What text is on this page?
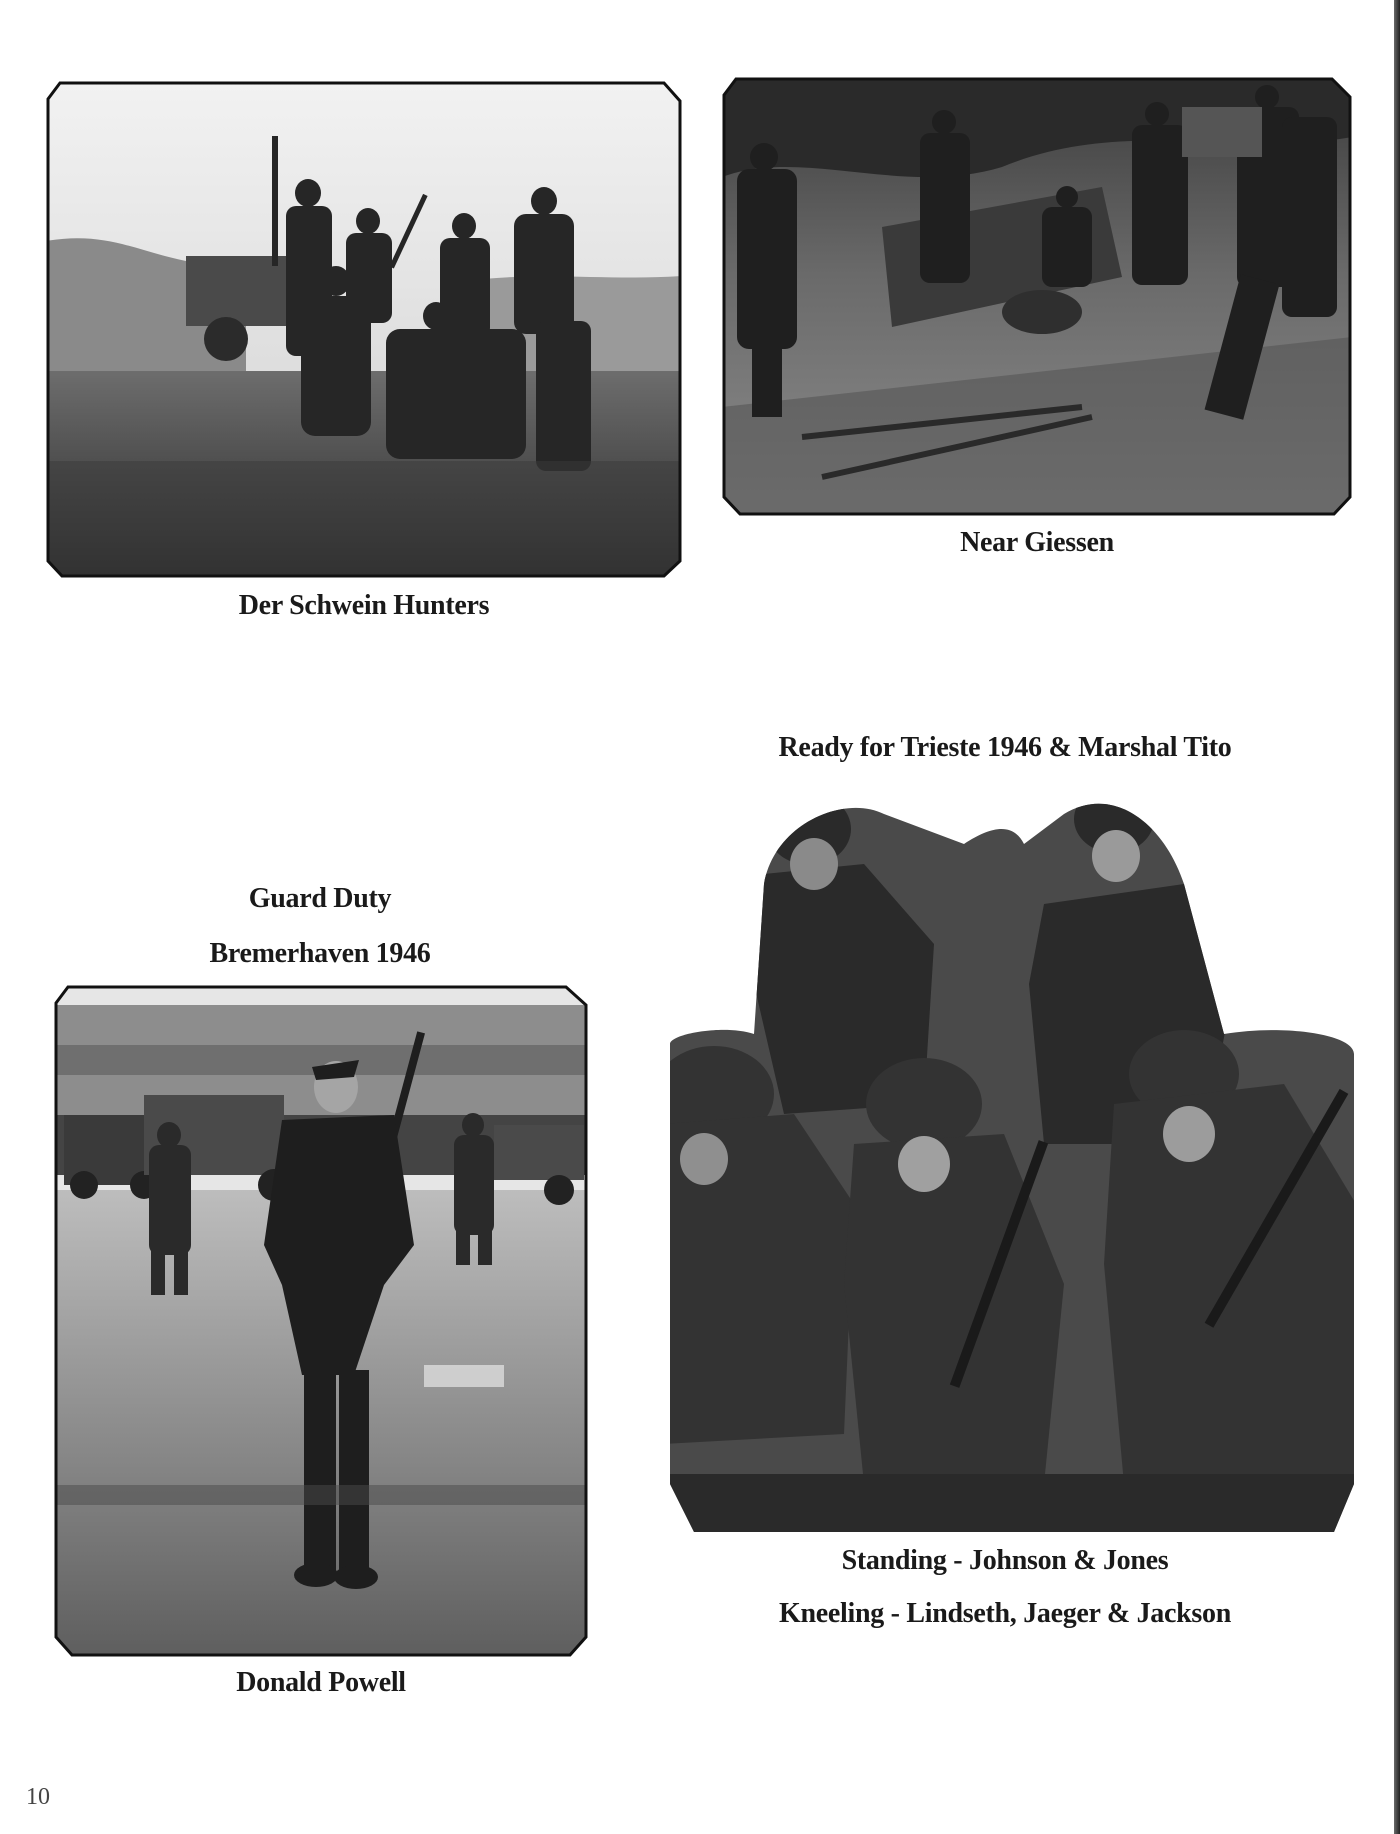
Der Schwein Hunters
Near Giessen
Guard Duty
Bremerhaven 1946
Donald Powell
Ready for Trieste 1946 & Marshal Tito
Standing - Johnson & Jones
Kneeling - Lindseth, Jaeger & Jackson
10
